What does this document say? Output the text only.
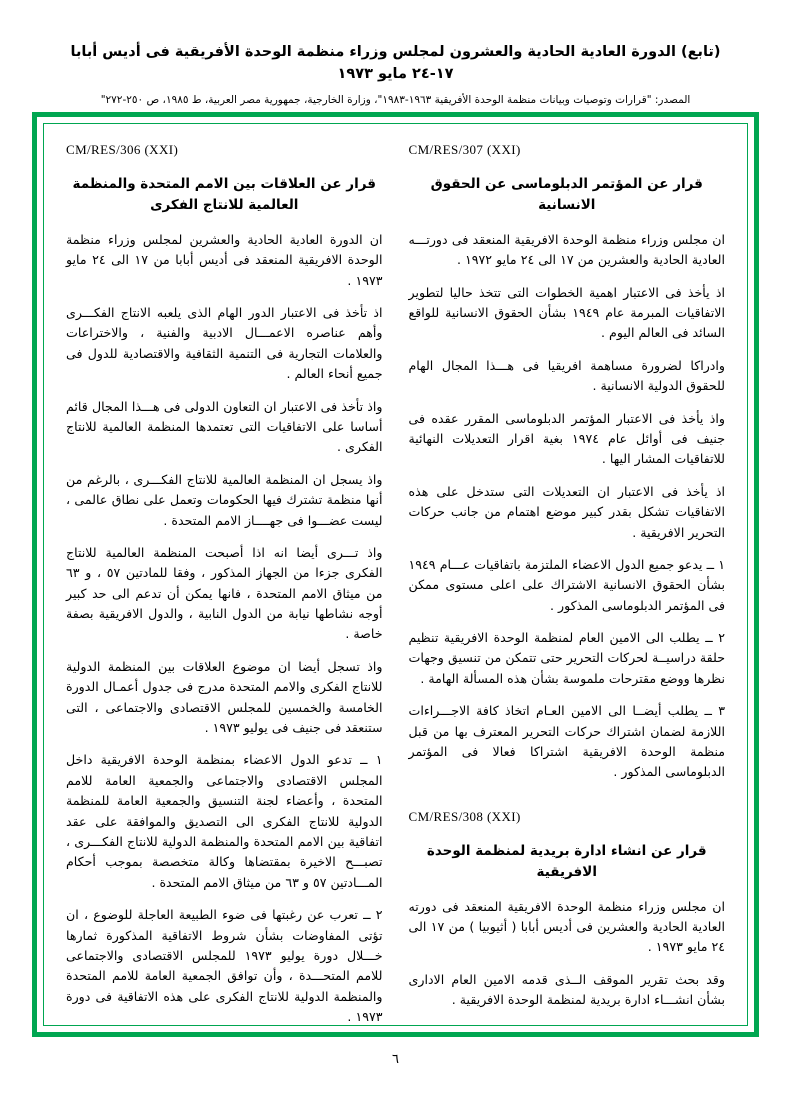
(تابع) الدورة العادية الحادية والعشرون لمجلس وزراء منظمة الوحدة الأفريقية فى أديس أبابا ١٧-٢٤ مايو ١٩٧٣
المصدر: "قرارات وتوصيات وبيانات منظمة الوحدة الأفريقية ١٩٦٣-١٩٨٣"، وزارة الخارجية، جمهورية مصر العربية، ط ١٩٨٥، ص ٢٥٠-٢٧٢"
CM/RES/307 (XXI)
قرار عن المؤتمر الدبلوماسى عن الحقوق الانسانية

ان مجلس وزراء منظمة الوحدة الافريقية المنعقد فى دورتـــه العادية الحادية والعشرين من ١٧ الى ٢٤ مايو ١٩٧٢ .

اذ يأخذ فى الاعتبار اهمية الخطوات التى تتخذ حاليا لتطوير الاتفاقيات المبرمة عام ١٩٤٩ بشأن الحقوق الانسانية للواقع السائد فى العالم اليوم .

وادراكا لضرورة مساهمة افريقيا فى هـــذا المجال الهام للحقوق الدولية الانسانية .

واذ يأخذ فى الاعتبار المؤتمر الدبلوماسى المقرر عقده فى جنيف فى أوائل عام ١٩٧٤ بغية اقرار التعديلات النهائية للاتفاقيات المشار اليها .

اذ يأخذ فى الاعتبار ان التعديلات التى ستدخل على هذه الاتفاقيات تشكل بقدر كبير موضع اهتمام من جانب حركات التحرير الافريقية .

١ ــ يدعو جميع الدول الاعضاء الملتزمة باتفاقيات عـــام ١٩٤٩ بشأن الحقوق الانسانية الاشتراك على اعلى مستوى ممكن فى المؤتمر الدبلوماسى المذكور .

٢ ــ يطلب الى الامين العام لمنظمة الوحدة الافريقية تنظيم حلقة دراسيــة لحركات التحرير حتى تتمكن من تنسيق وجهات نظرها ووضع مقترحات ملموسة بشأن هذه المسألة الهامة .

٣ ــ يطلب أيضــا الى الامين العـام اتخاذ كافة الاجـــراءات اللازمة لضمان اشتراك حركات التحرير المعترف بها من قبل منظمة الوحدة الافريقية اشتراكا فعالا فى المؤتمر الدبلوماسى المذكور .

CM/RES/308 (XXI)
قرار عن انشاء ادارة بريدية لمنظمة الوحدة الافريقية

ان مجلس وزراء منظمة الوحدة الافريقية المنعقد فى دورته العادية الحادية والعشرين فى أديس أبابا ( أثيوبيا ) من ١٧ الى ٢٤ مايو ١٩٧٣ .

وقد بحث تقرير الموقف الــذى قدمه الامين العام الادارى بشأن انشـــاء ادارة بريدية لمنظمة الوحدة الافريقية .

CM/RES/306 (XXI)
قرار عن العلاقات بين الامم المتحدة والمنظمة العالمية للانتاج الفكرى

ان الدورة العادية الحادية والعشرين لمجلس وزراء منظمة الوحدة الافريقية المنعقد فى أديس أبابا من ١٧ الى ٢٤ مايو ١٩٧٣ .

اذ تأخذ فى الاعتبار الدور الهام الذى يلعبه الانتاج الفكـــرى وأهم عناصره الاعمـــال الادبية والفنية ، والاختراعات والعلامات التجارية فى التنمية الثقافية والاقتصادية للدول فى جميع أنحاء العالم .

واذ تأخذ فى الاعتبار ان التعاون الدولى فى هـــذا المجال قائم أساسا على الاتفاقيات التى تعتمدها المنظمة العالمية للانتاج الفكرى .

واذ يسجل ان المنظمة العالمية للانتاج الفكـــرى ، بالرغم من أنها منظمة تشترك فيها الحكومات وتعمل على نطاق عالمى ، ليست عضـــوا فى جهــــاز الامم المتحدة .

واذ تـــرى أيضا انه اذا أصبحت المنظمة العالمية للانتاج الفكرى جزءا من الجهاز المذكور ، وفقا للمادتين ٥٧ ، و ٦٣ من ميثاق الامم المتحدة ، فانها يمكن أن تدعم الى حد كبير أوجه نشاطها نيابة من الدول النابية ، والدول الافريقية بصفة خاصة .

واذ تسجل أيضا ان موضوع العلاقات بين المنظمة الدولية للانتاج الفكرى والامم المتحدة مدرج فى جدول أعمـال الدورة الخامسة والخمسين للمجلس الاقتصادى والاجتماعى ، التى ستنعقد فى جنيف فى يوليو ١٩٧٣ .

١ ــ تدعو الدول الاعضاء بمنظمة الوحدة الافريقية داخل المجلس الاقتصادى والاجتماعى والجمعية العامة للامم المتحدة ، وأعضاء لجنة التنسيق والجمعية العامة للمنظمة الدولية للانتاج الفكرى الى التصديق والموافقة على عقد اتفاقية بين الامم المتحدة والمنظمة الدولية للانتاج الفكـــرى ، تصبـــح الاخيرة بمقتضاها وكالة متخصصة بموجب أحكام المـــادتين ٥٧ و ٦٣ من ميثاق الامم المتحدة .

٢ ــ تعرب عن رغبتها فى ضوء الطبيعة العاجلة للوضوع ، ان تؤتى المفاوضات بشأن شروط الاتفاقية المذكورة ثمارها خـــلال دورة يوليو ١٩٧٣ للمجلس الاقتصادى والاجتماعى للامم المتحـــدة ، وأن توافق الجمعية العامة للامم المتحدة والمنظمة الدولية للانتاج الفكرى على هذه الاتفاقية فى دورة ١٩٧٣ .

٦
